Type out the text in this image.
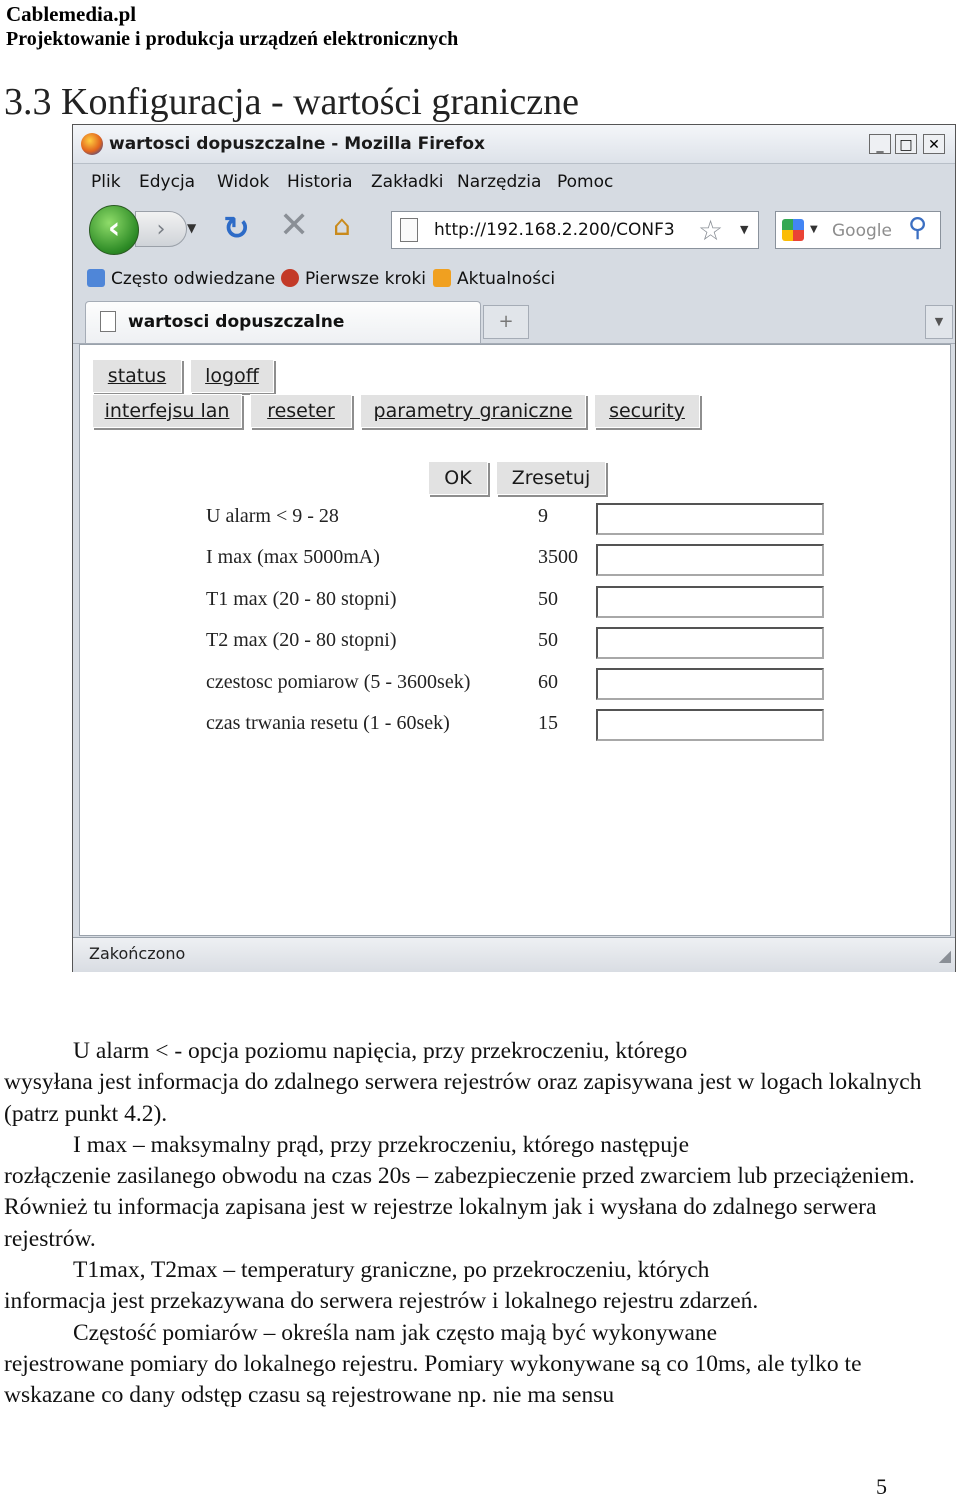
Cablemedia.pl
Projektowanie i produkcja urządzeń elektronicznych
3.3 Konfiguracja - wartości graniczne
wartosci dopuszczalne - Mozilla Firefox	_	□	✕
Plik Edycja Widok Historia Zakładki Narzędzia Pomoc
›
‹	▼ ↻ ✕ ⌂	http://192.168.2.200/CONF3 ☆ ▼	▼ Google ⚲
Często odwiedzane	Pierwsze kroki	Aktualności
wartosci dopuszczalne	+	▼
status	logoff
interfejsu lan	reseter	parametry graniczne	security
OK	Zresetuj
U alarm < 9 - 28	9
I max (max 5000mA)	3500
T1 max (20 - 80 stopni)	50
T2 max (20 - 80 stopni)	50
czestosc pomiarow (5 - 3600sek)	60
czas trwania resetu (1 - 60sek)	15
Zakończono	◢

U alarm < - opcja poziomu napięcia, przy przekroczeniu, którego

wysyłana jest informacja do zdalnego serwera rejestrów oraz zapisywana jest w logach lokalnych (patrz punkt 4.2).

I max – maksymalny prąd, przy przekroczeniu, którego następuje

rozłączenie zasilanego obwodu na czas 20s – zabezpieczenie przed zwarciem lub przeciążeniem. Również tu informacja zapisana jest w rejestrze lokalnym jak i wysłana do zdalnego serwera rejestrów.

T1max, T2max – temperatury graniczne, po przekroczeniu, których

informacja jest przekazywana do serwera rejestrów i lokalnego rejestru zdarzeń.

Częstość pomiarów – określa nam jak często mają być wykonywane

rejestrowane pomiary do lokalnego rejestru. Pomiary wykonywane są co 10ms, ale tylko te wskazane co dany odstęp czasu są rejestrowane np. nie ma sensu

5
